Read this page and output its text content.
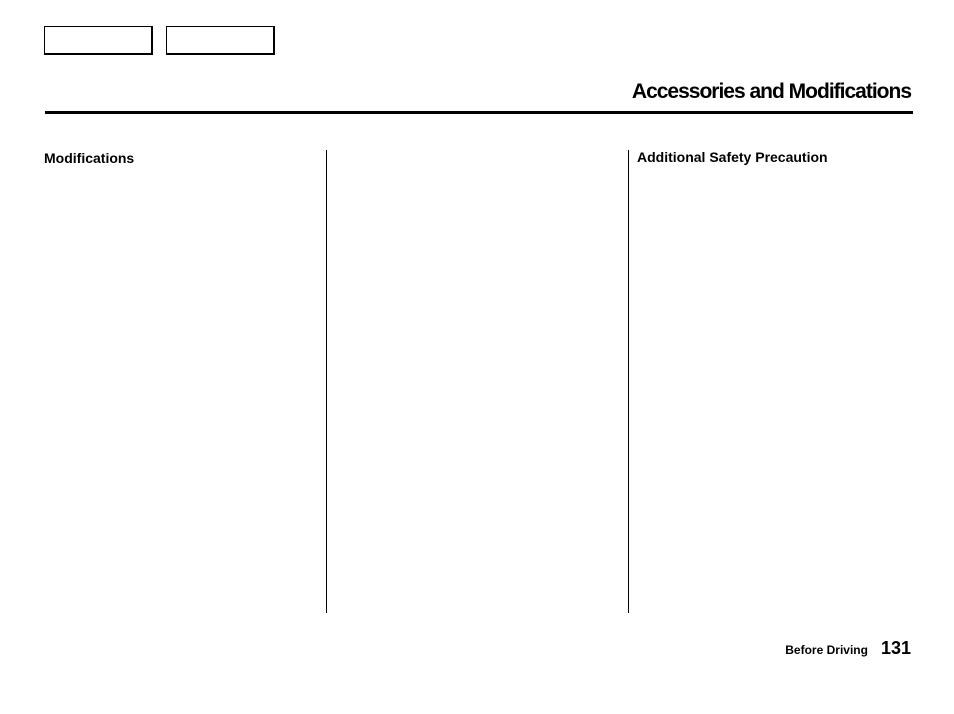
Accessories and Modifications
Modifications	Additional Safety Precaution
Before Driving 131
